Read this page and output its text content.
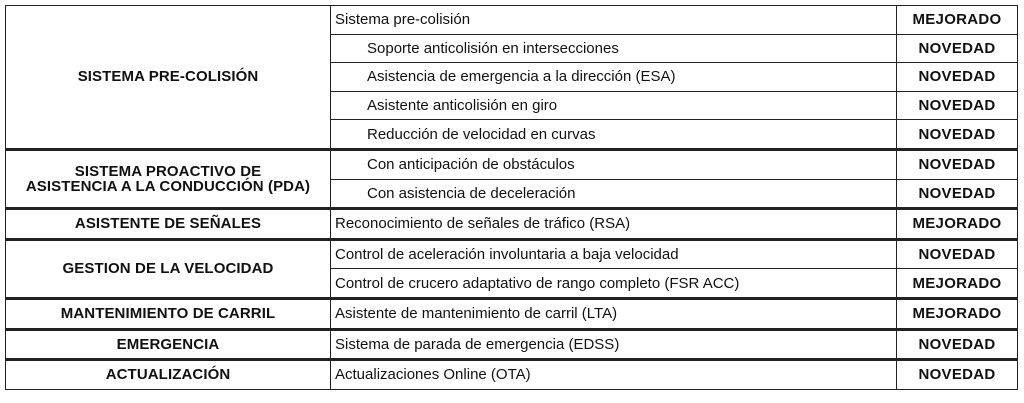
SISTEMA PRE-COLISIÓN	Sistema pre-colisión	MEJORADO
	Soporte anticolisión en intersecciones	NOVEDAD
	Asistencia de emergencia a la dirección (ESA)	NOVEDAD
	Asistente anticolisión en giro	NOVEDAD
	Reducción de velocidad en curvas	NOVEDAD

SISTEMA PROACTIVO DE
ASISTENCIA A LA CONDUCCIÓN (PDA)	Con anticipación de obstáculos	NOVEDAD
	Con asistencia de deceleración	NOVEDAD
ASISTENTE DE SEÑALES	Reconocimiento de señales de tráfico (RSA)	MEJORADO
GESTION DE LA VELOCIDAD	Control de aceleración involuntaria a baja velocidad	NOVEDAD
	Control de crucero adaptativo de rango completo (FSR ACC)	MEJORADO
MANTENIMIENTO DE CARRIL	Asistente de mantenimiento de carril (LTA)	MEJORADO
EMERGENCIA	Sistema de parada de emergencia (EDSS)	NOVEDAD
ACTUALIZACIÓN	Actualizaciones Online (OTA)	NOVEDAD
